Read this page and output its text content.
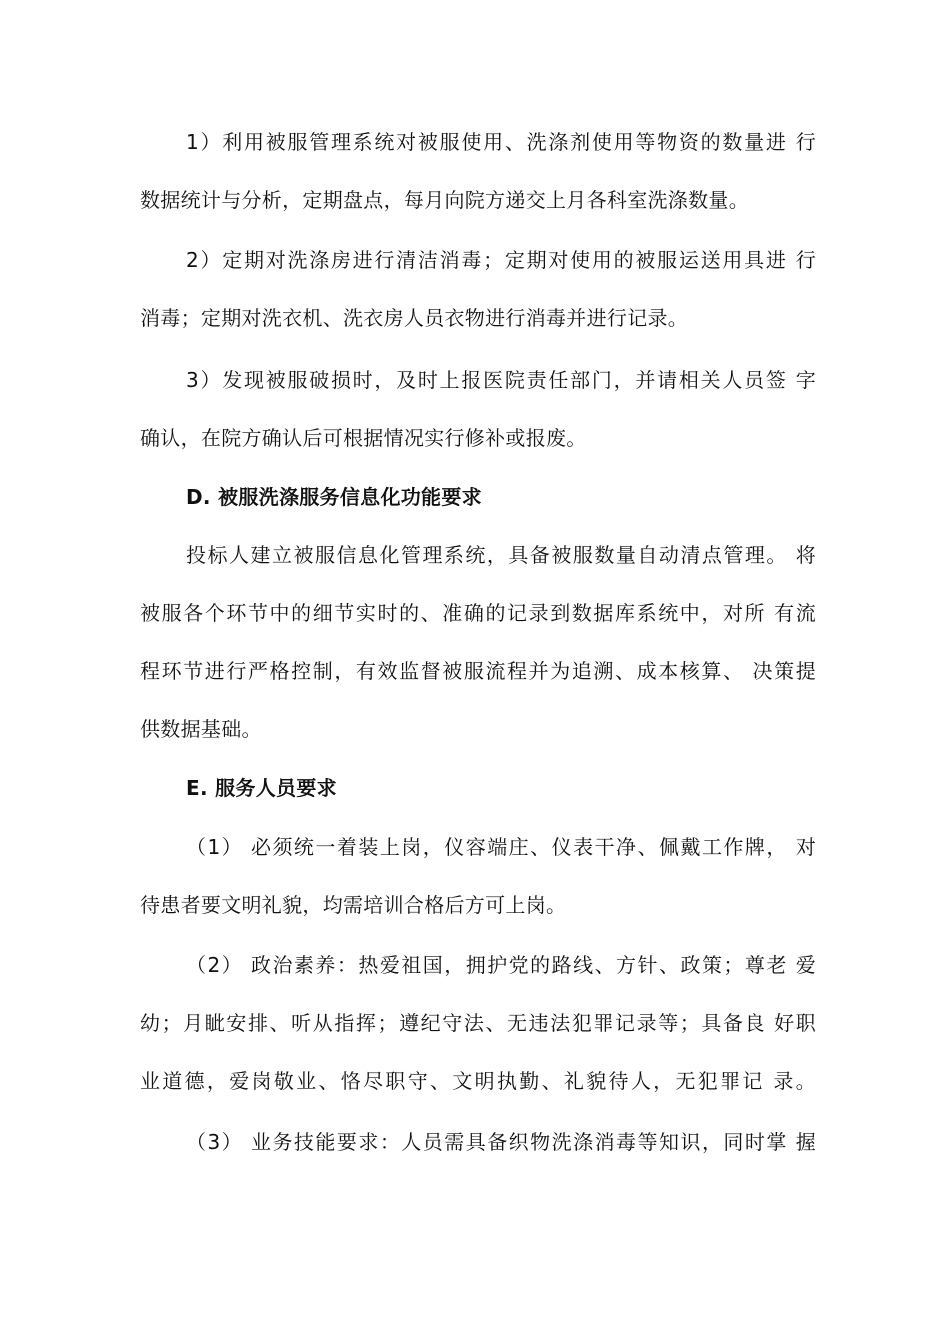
1）利用被服管理系统对被服使用、洗涤剂使用等物资的数量进 行
数据统计与分析，定期盘点，每月向院方递交上月各科室洗涤数量。
2）定期对洗涤房进行清洁消毒；定期对使用的被服运送用具进 行
消毒；定期对洗衣机、洗衣房人员衣物进行消毒并进行记录。
3）发现被服破损时，及时上报医院责任部门，并请相关人员签 字
确认，在院方确认后可根据情况实行修补或报废。
D. 被服洗涤服务信息化功能要求
投标人建立被服信息化管理系统，具备被服数量自动清点管理。 将
被服各个环节中的细节实时的、准确的记录到数据库系统中，对所 有流
程环节进行严格控制，有效监督被服流程并为追溯、成本核算、 决策提
供数据基础。
E. 服务人员要求
（1） 必须统一着装上岗，仪容端庄、仪表干净、佩戴工作牌， 对
待患者要文明礼貌，均需培训合格后方可上岗。
（2） 政治素养：热爱祖国，拥护党的路线、方针、政策；尊老 爱
幼；月眦安排、听从指挥；遵纪守法、无违法犯罪记录等；具备良 好职
业道德，爱岗敬业、恪尽职守、文明执勤、礼貌待人，无犯罪记 录。
（3） 业务技能要求：人员需具备织物洗涤消毒等知识，同时掌 握
